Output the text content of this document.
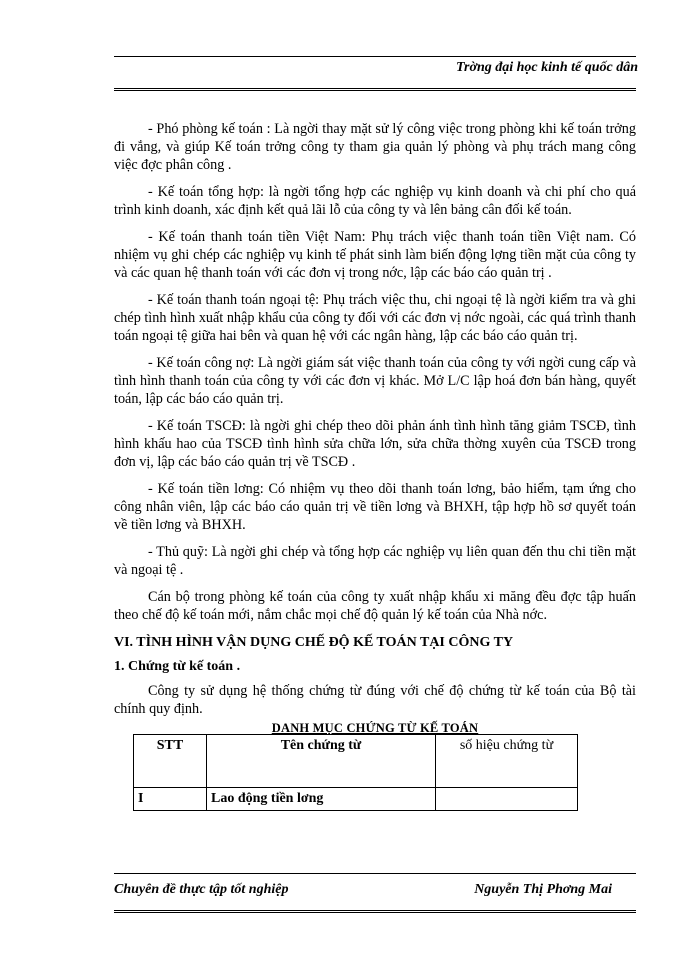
Trờng đại học kinh tế quốc dân

- Phó phòng kế toán : Là ngời thay mặt sử lý công việc trong phòng khi kế toán trởng đi vắng, và giúp Kế toán trởng công ty tham gia quản lý phòng và phụ trách mang công việc đợc phân công .

- Kế toán tổng hợp: là ngời tổng hợp các nghiệp vụ kinh doanh và chi phí cho quá trình kinh doanh, xác định kết quả lãi lỗ của công ty và lên bảng cân đối kế toán.

- Kế toán thanh toán tiền Việt Nam: Phụ trách việc thanh toán tiền Việt nam. Có nhiệm vụ ghi chép các nghiệp vụ kinh tế phát sinh làm biến động lợng tiền mặt của công ty và các quan hệ thanh toán với các đơn vị trong nớc, lập các báo cáo quản trị .

- Kế toán thanh toán ngoại tệ: Phụ trách việc thu, chi ngoại tệ là ngời kiểm tra và ghi chép tình hình xuất nhập khẩu của công ty đối với các đơn vị nớc ngoài, các quá trình thanh toán ngoại tệ giữa hai bên và quan hệ với các ngân hàng, lập các báo cáo quản trị.

- Kế toán công nợ: Là ngời giám sát việc thanh toán của công ty với ngời cung cấp và tình hình thanh toán của công ty với các đơn vị khác. Mở L/C lập hoá đơn bán hàng, quyết toán, lập các báo cáo quản trị.

- Kế toán TSCĐ: là ngời ghi chép theo dõi phản ánh tình hình tăng giảm TSCĐ, tình hình khấu hao của TSCĐ tình hình sửa chữa lớn, sửa chữa thờng xuyên của TSCĐ trong đơn vị, lập các báo cáo quản trị về TSCĐ .

- Kế toán tiền lơng: Có nhiệm vụ theo dõi thanh toán lơng, bảo hiểm, tạm ứng cho công nhân viên, lập các báo cáo quản trị về tiền lơng và BHXH, tập hợp hồ sơ quyết toán về tiền lơng và BHXH.

- Thủ quỹ: Là ngời ghi chép và tổng hợp các nghiệp vụ liên quan đến thu chi tiền mặt và ngoại tệ .

Cán bộ trong phòng kế toán của công ty xuất nhập khẩu xi măng đều đợc tập huấn theo chế độ kế toán mới, nắm chắc mọi chế độ quản lý kế toán của Nhà nớc.

VI. TÌNH HÌNH VẬN DỤNG CHẾ ĐỘ KẾ TOÁN TẠI CÔNG TY
1. Chứng từ kế toán .

Công ty sử dụng hệ thống chứng từ đúng với chế độ chứng từ kế toán của Bộ tài chính quy định.

DANH MỤC CHỨNG TỪ KẾ TOÁN
STT	Tên chứng từ	số hiệu chứng từ
I	Lao động tiền lơng	
Chuyên đề thực tập tốt nghiệp	Nguyễn Thị Phơng Mai
